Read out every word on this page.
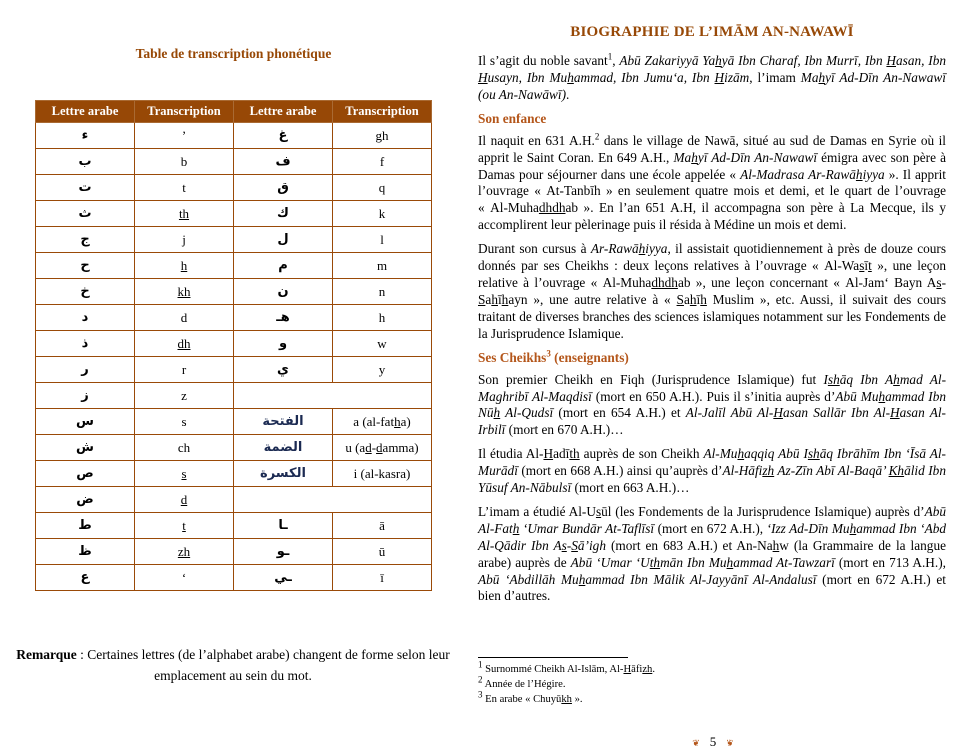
Table de transcription phonétique
Lettre arabe	Transcription	Lettre arabe	Transcription
ء	’	غ	gh
ب	b	ف	f
ت	t	ق	q
ث	th	ك	k
ج	j	ل	l
ح	h	م	m
خ	kh	ن	n
د	d	هـ	h
ذ	dh	و	w
ر	r	ي	y
ز	z	Voyelles courtes	
س	s	الفتحة	a (al-fatha)
ش	ch	الضمة	u (ad-damma)
ص	s	الكسرة	i (al-kasra)
ض	d	Voyelles longues	
ط	t	ـا	ā
ظ	zh	ـو	ū
ع	‘	ـي	ī
Remarque : Certaines lettres (de l’alphabet arabe) changent de forme selon leur emplacement au sein du mot.
BIOGRAPHIE DE L’IMĀM AN-NAWAWĪ

Il s’agit du noble savant$^1$, Abū Zakariyyā Yahyā Ibn Charaf, Ibn Murrī, Ibn Hasan, Ibn Husayn, Ibn Muhammad, Ibn Jumu‘a, Ibn Hizām, l’imam Mahyī Ad-Dīn An-Nawawī (ou An-Nawāwī).

Son enfance

Il naquit en 631 A.H.$^2$ dans le village de Nawā, situé au sud de Damas en Syrie où il apprit le Saint Coran. En 649 A.H., Mahyī Ad-Dīn An-Nawawī émigra avec son père à Damas pour séjourner dans une école appelée « Al-Madrasa Ar-Rawāhiyya ». Il apprit l’ouvrage « At-Tanbīh » en seulement quatre mois et demi, et le quart de l’ouvrage « Al-Muhadhdhab ». En l’an 651 A.H, il accompagna son père à La Mecque, ils y accomplirent leur pèlerinage puis il résida à Médine un mois et demi.

Durant son cursus à Ar-Rawāhiyya, il assistait quotidiennement à près de douze cours donnés par ses Cheikhs : deux leçons relatives à l’ouvrage « Al-Wasīt », une leçon relative à l’ouvrage « Al-Muhadhdhab », une leçon concernant « Al-Jam‘ Bayn As-Sahīhayn », une autre relative à « Sahīh Muslim », etc. Aussi, il suivait des cours traitant de diverses branches des sciences islamiques notamment sur les Fondements de la Jurisprudence Islamique.

Ses Cheikhs$^3$ (enseignants)

Son premier Cheikh en Fiqh (Jurisprudence Islamique) fut Ishāq Ibn Ahmad Al-Maghribī Al-Maqdisī (mort en 650 A.H.). Puis il s’initia auprès d’Abū Muhammad Ibn Nūh Al-Qudsī (mort en 654 A.H.) et Al-Jalīl Abū Al-Hasan Sallār Ibn Al-Hasan Al-Irbilī (mort en 670 A.H.)…

Il étudia Al-Hadīth auprès de son Cheikh Al-Muhaqqiq Abū Ishāq Ibrāhīm Ibn ‘Īsā Al-Murādī (mort en 668 A.H.) ainsi qu’auprès d’Al-Hāfizh Az-Zīn Abī Al-Baqā’ Khālid Ibn Yūsuf An-Nābulsī (mort en 663 A.H.)…

L’imam a étudié Al-Usūl (les Fondements de la Jurisprudence Islamique) auprès d’Abū Al-Fath ‘Umar Bundār At-Taflīsī (mort en 672 A.H.), ‘Izz Ad-Dīn Muhammad Ibn ‘Abd Al-Qādir Ibn As-Sā’igh (mort en 683 A.H.) et An-Nahw (la Grammaire de la langue arabe) auprès de Abū ‘Umar ‘Uthmān Ibn Muhammad At-Tawzarī (mort en 713 A.H.), Abū ‘Abdillāh Muhammad Ibn Mālik Al-Jayyānī Al-Andalusī (mort en 672 A.H.) et bien d’autres.

$^1$ Surnommé Cheikh Al-Islām, Al-Hāfizh.
$^2$ Année de l’Hégire.
$^3$ En arabe « Chuyūkh ».
❦ 5 ❦
